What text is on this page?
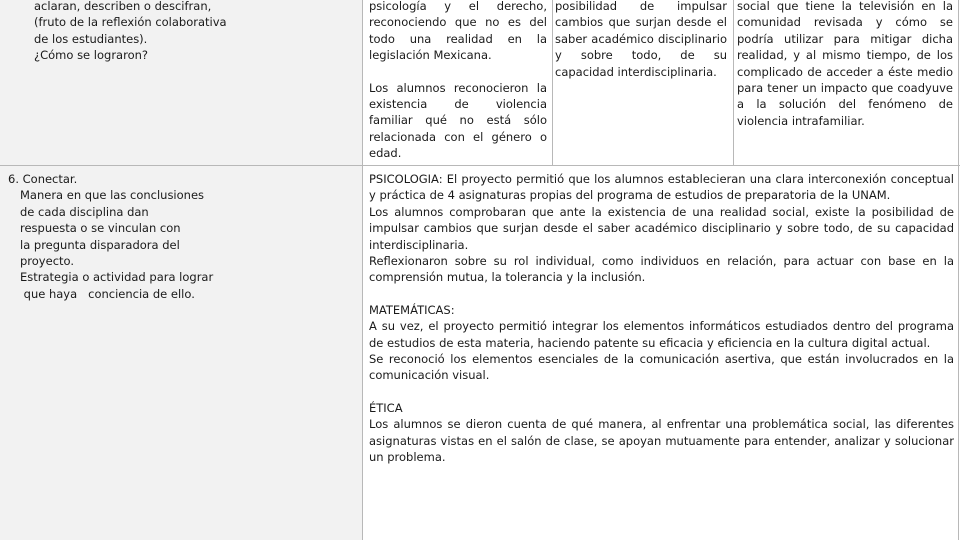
aclaran, describen o descifran,
(fruto de la reflexión colaborativa
de los estudiantes).
¿Cómo se lograron?

psicología y el derecho, reconociendo que no es del todo una realidad en la legislación Mexicana.

Los alumnos reconocieron la existencia de violencia familiar qué no está sólo relacionada con el género o edad.

posibilidad de impulsar cambios que surjan desde el saber académico disciplinario y sobre todo, de su capacidad interdisciplinaria.

social que tiene la televisión en la comunidad revisada y cómo se podría utilizar para mitigar dicha realidad, y al mismo tiempo, de los complicado de acceder a éste medio para tener un impacto que coadyuve a la solución del fenómeno de violencia intrafamiliar.

6. Conectar.
Manera en que las conclusiones
de cada disciplina dan
respuesta o se vinculan con
la pregunta disparadora del
proyecto.
Estrategia o actividad para lograr
que haya   conciencia de ello.

PSICOLOGIA: El proyecto permitió que los alumnos establecieran una clara interconexión conceptual y práctica de 4 asignaturas propias del programa de estudios de preparatoria de la UNAM.

Los alumnos comprobaran que ante la existencia de una realidad social, existe la posibilidad de impulsar cambios que surjan desde el saber académico disciplinario y sobre todo, de su capacidad interdisciplinaria.

Reflexionaron sobre su rol individual, como individuos en relación, para actuar con base en la comprensión mutua, la tolerancia y la inclusión.

MATEMÁTICAS:

A su vez, el proyecto permitió integrar los elementos informáticos estudiados dentro del programa de estudios de esta materia, haciendo patente su eficacia y eficiencia en la cultura digital actual.

Se reconoció los elementos esenciales de la comunicación asertiva, que están involucrados en la comunicación visual.

ÉTICA

Los alumnos se dieron cuenta de qué manera, al enfrentar una problemática social, las diferentes asignaturas vistas en el salón de clase, se apoyan mutuamente para entender, analizar y solucionar un problema.
